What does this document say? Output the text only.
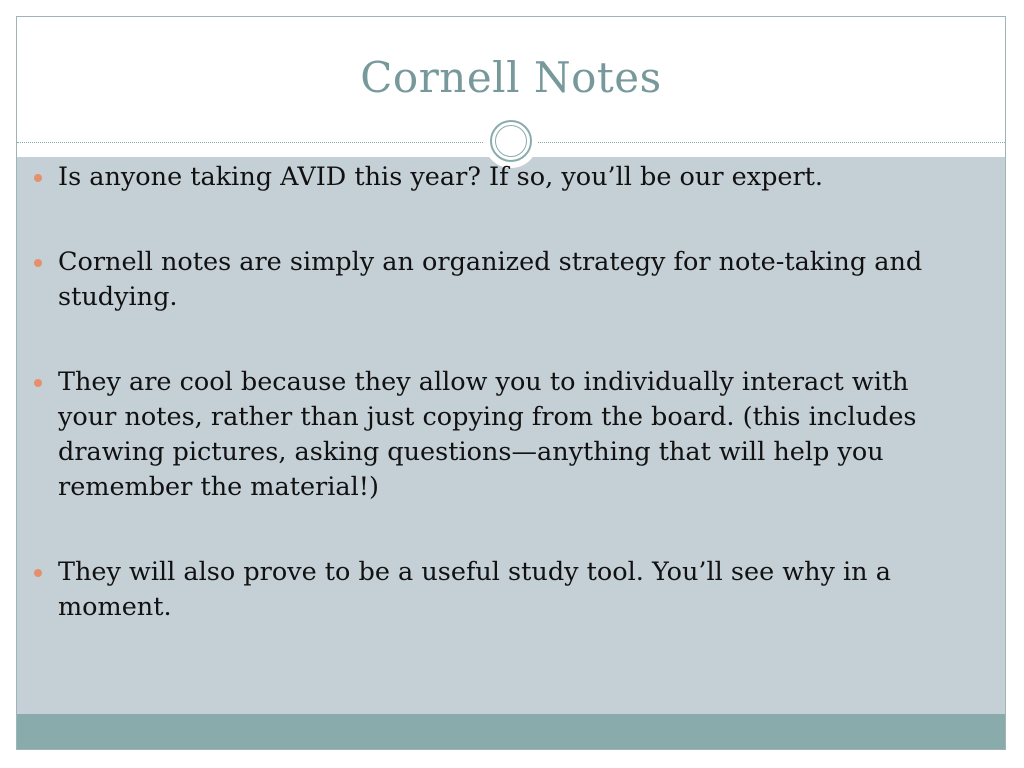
Cornell Notes
Is anyone taking AVID this year? If so, you’ll be our expert.
Cornell notes are simply an organized strategy for note-taking and studying.
They are cool because they allow you to individually interact with your notes, rather than just copying from the board. (this includes drawing pictures, asking questions—anything that will help you remember the material!)
They will also prove to be a useful study tool. You’ll see why in a moment.
